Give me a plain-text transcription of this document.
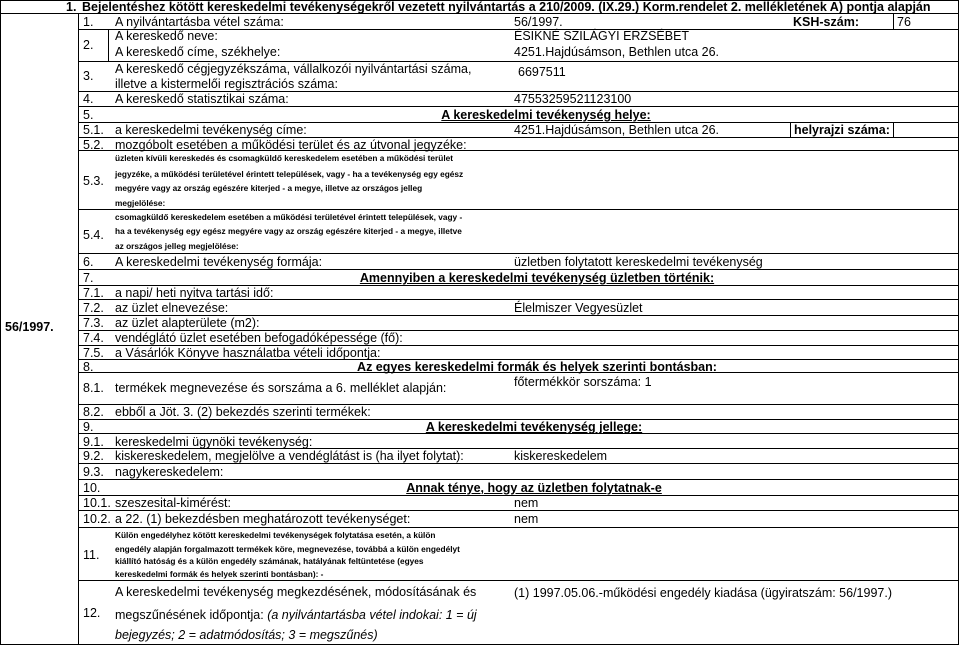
1. Bejelentéshez kötött kereskedelmi tevékenységekről vezetett nyilvántartás a 210/2009. (IX.29.) Korm.rendelet 2. mellékletének A) pontja alapján
56/1997.
1. A nyilvántartásba vétel száma:	56/1997.	KSH-szám:	76
2.
A kereskedő neve:	ÉSIKNÉ SZILÁGYI ERZSÉBET
A kereskedő címe, székhelye:	4251.Hajdúsámson, Bethlen utca 26.
3. A kereskedő cégjegyzékszáma, vállalkozói nyilvántartási száma,
illetve a kistermelői regisztrációs száma:
6697511
4. A kereskedő statisztikai száma:	47553259521123100
5.	A kereskedelmi tevékenység helye:
5.1. a kereskedelmi tevékenység címe:	4251.Hajdúsámson, Bethlen utca 26.	helyrajzi száma:
5.2. mozgóbolt esetében a működési terület és az útvonal jegyzéke:
5.3.
üzleten kívüli kereskedés és csomagküldő kereskedelem esetében a működési terület
jegyzéke, a működési területével érintett települések, vagy - ha a tevékenység egy egész
megyére vagy az ország egészére kiterjed - a megye, illetve az országos jelleg
megjelölése:
5.4.
csomagküldő kereskedelem esetében a működési területével érintett települések, vagy -
ha a tevékenység egy egész megyére vagy az ország egészére kiterjed - a megye, illetve
az országos jelleg megjelölése:
6. A kereskedelmi tevékenység formája:	üzletben folytatott kereskedelmi tevékenység
7.	Amennyiben a kereskedelmi tevékenység üzletben történik:
7.1. a napi/ heti nyitva tartási idő:
7.2. az üzlet elnevezése:	Élelmiszer Vegyesüzlet
7.3. az üzlet alapterülete (m2):
7.4. vendéglátó üzlet esetében befogadóképessége (fő):
7.5. a Vásárlók Könyve használatba vételi időpontja:
8.	Az egyes kereskedelmi formák és helyek szerinti bontásban:
8.1. termékek megnevezése és sorszáma a 6. melléklet alapján:	főtermékkör sorszáma: 1
8.2. ebből a Jöt. 3. (2) bekezdés szerinti termékek:
9.	A kereskedelmi tevékenység jellege:
9.1. kereskedelmi ügynöki tevékenység:
9.2. kiskereskedelem, megjelölve a vendéglátást is (ha ilyet folytat):	kiskereskedelem
9.3. nagykereskedelem:
10.	Annak ténye, hogy az üzletben folytatnak-e
10.1. szeszesital-kimérést:	nem
10.2. a 22. (1) bekezdésben meghatározott tevékenységet:	nem
11.
Külön engedélyhez kötött kereskedelmi tevékenységek folytatása esetén, a külön
engedély alapján forgalmazott termékek köre, megnevezése, továbbá a külön engedélyt
kiállító hatóság és a külön engedély számának, hatályának feltüntetése (egyes
kereskedelmi formák és helyek szerinti bontásban): -
12.
A kereskedelmi tevékenység megkezdésének, módosításának és
megszűnésének időpontja: (a nyilvántartásba vétel indokai: 1 = új
bejegyzés; 2 = adatmódosítás; 3 = megszűnés)
(1) 1997.05.06.-működési engedély kiadása (ügyiratszám: 56/1997.)
